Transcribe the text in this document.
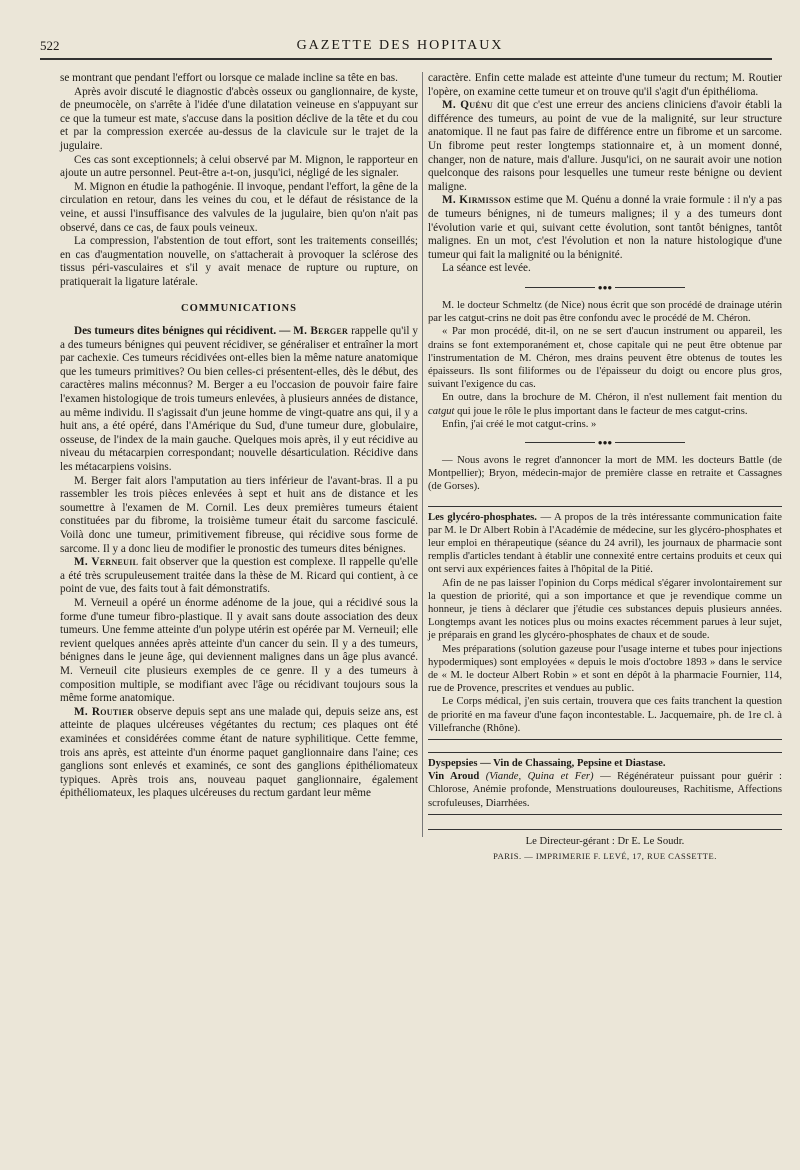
522	GAZETTE DES HOPITAUX

se montrant que pendant l'effort ou lorsque ce malade incline sa tête en bas.

Après avoir discuté le diagnostic d'abcès osseux ou ganglionnaire, de kyste, de pneumocèle, on s'arrête à l'idée d'une dilatation veineuse en s'appuyant sur ce que la tumeur est mate, s'accuse dans la position déclive de la tête et du cou et par la compression exercée au-dessus de la clavicule sur le trajet de la jugulaire.

Ces cas sont exceptionnels; à celui observé par M. Mignon, le rapporteur en ajoute un autre personnel. Peut-être a-t-on, jusqu'ici, négligé de les signaler.

M. Mignon en étudie la pathogénie. Il invoque, pendant l'effort, la gêne de la circulation en retour, dans les veines du cou, et le défaut de résistance de la veine, et aussi l'insuffisance des valvules de la jugulaire, bien qu'on n'ait pas observé, dans ce cas, de faux pouls veineux.

La compression, l'abstention de tout effort, sont les traitements conseillés; en cas d'augmentation nouvelle, on s'attacherait à provoquer la sclérose des tissus péri-vasculaires et s'il y avait menace de rupture ou rupture, on pratiquerait la ligature latérale.

COMMUNICATIONS

Des tumeurs dites bénignes qui récidivent. — M. Berger rappelle qu'il y a des tumeurs bénignes qui peuvent récidiver, se généraliser et entraîner la mort par cachexie. Ces tumeurs récidivées ont-elles bien la même nature anatomique que les tumeurs primitives? Ou bien celles-ci présentent-elles, dès le début, des caractères malins méconnus? M. Berger a eu l'occasion de pouvoir faire faire l'examen histologique de trois tumeurs enlevées, à plusieurs années de distance, au même individu. Il s'agissait d'un jeune homme de vingt-quatre ans qui, il y a huit ans, a été opéré, dans l'Amérique du Sud, d'une tumeur dure, globulaire, osseuse, de l'index de la main gauche. Quelques mois après, il y eut récidive au niveau du métacarpien correspondant; nouvelle désarticulation. Récidive dans les métacarpiens voisins.

M. Berger fait alors l'amputation au tiers inférieur de l'avant-bras. Il a pu rassembler les trois pièces enlevées à sept et huit ans de distance et les soumettre à l'examen de M. Cornil. Les deux premières tumeurs étaient constituées par du fibrome, la troisième tumeur était du sarcome fasciculé. Voilà donc une tumeur, primitivement fibreuse, qui récidive sous forme de sarcome. Il y a donc lieu de modifier le pronostic des tumeurs dites bénignes.

M. Verneuil fait observer que la question est complexe. Il rappelle qu'elle a été très scrupuleusement traitée dans la thèse de M. Ricard qui contient, à ce point de vue, des faits tout à fait démonstratifs.

M. Verneuil a opéré un énorme adénome de la joue, qui a récidivé sous la forme d'une tumeur fibro-plastique. Il y avait sans doute association des deux tumeurs. Une femme atteinte d'un polype utérin est opérée par M. Verneuil; elle revient quelques années après atteinte d'un cancer du sein. Il y a des tumeurs, bénignes dans le jeune âge, qui deviennent malignes dans un âge plus avancé. M. Verneuil cite plusieurs exemples de ce genre. Il y a des tumeurs à composition multiple, se modifiant avec l'âge ou récidivant toujours sous la même forme anatomique.

M. Routier observe depuis sept ans une malade qui, depuis seize ans, est atteinte de plaques ulcéreuses végétantes du rectum; ces plaques ont été examinées et considérées comme étant de nature syphilitique. Cette femme, trois ans après, est atteinte d'un énorme paquet ganglionnaire dans l'aine; ces ganglions sont enlevés et examinés, ce sont des ganglions épithéliomateux typiques. Après trois ans, nouveau paquet ganglionnaire, également épithéliomateux, les plaques ulcéreuses du rectum gardant leur même

caractère. Enfin cette malade est atteinte d'une tumeur du rectum; M. Routier l'opère, on examine cette tumeur et on trouve qu'il s'agit d'un épithélioma.

M. Quénu dit que c'est une erreur des anciens cliniciens d'avoir établi la différence des tumeurs, au point de vue de la malignité, sur leur structure anatomique. Il ne faut pas faire de différence entre un fibrome et un sarcome. Un fibrome peut rester longtemps stationnaire et, à un moment donné, changer, non de nature, mais d'allure. Jusqu'ici, on ne saurait avoir une notion quelconque des raisons pour lesquelles une tumeur reste bénigne ou devient maligne.

M. Kirmisson estime que M. Quénu a donné la vraie formule : il n'y a pas de tumeurs bénignes, ni de tumeurs malignes; il y a des tumeurs dont l'évolution varie et qui, suivant cette évolution, sont tantôt bénignes, tantôt malignes. En un mot, c'est l'évolution et non la nature histologique d'une tumeur qui fait la malignité ou la bénignité.

La séance est levée.

●●●

M. le docteur Schmeltz (de Nice) nous écrit que son procédé de drainage utérin par les catgut-crins ne doit pas être confondu avec le procédé de M. Chéron.

« Par mon procédé, dit-il, on ne se sert d'aucun instrument ou appareil, les drains se font extemporanément et, chose capitale qui ne peut être obtenue par l'instrumentation de M. Chéron, mes drains peuvent être obtenus de toutes les épaisseurs. Ils sont filiformes ou de l'épaisseur du doigt ou encore plus gros, suivant l'exigence du cas.

En outre, dans la brochure de M. Chéron, il n'est nullement fait mention du catgut qui joue le rôle le plus important dans le facteur de mes catgut-crins.

Enfin, j'ai créé le mot catgut-crins. »

●●●

— Nous avons le regret d'annoncer la mort de MM. les docteurs Battle (de Montpellier); Bryon, médecin-major de première classe en retraite et Cassagnes (de Gorses).

Les glycéro-phosphates. — A propos de la très intéressante communication faite par M. le Dr Albert Robin à l'Académie de médecine, sur les glycéro-phosphates et leur emploi en thérapeutique (séance du 24 avril), les journaux de pharmacie sont remplis d'articles tendant à établir une connexité entre certains produits et ceux qui ont servi aux expériences faites à l'hôpital de la Pitié.

Afin de ne pas laisser l'opinion du Corps médical s'égarer involontairement sur la question de priorité, qui a son importance et que je revendique comme un honneur, je tiens à déclarer que j'étudie ces substances depuis plusieurs années. Longtemps avant les notices plus ou moins exactes récemment parues à leur sujet, je préparais en grand les glycéro-phosphates de chaux et de soude.

Mes préparations (solution gazeuse pour l'usage interne et tubes pour injections hypodermiques) sont employées « depuis le mois d'octobre 1893 » dans le service de « M. le docteur Albert Robin » et sont en dépôt à la pharmacie Fournier, 114, rue de Provence, prescrites et vendues au public.

Le Corps médical, j'en suis certain, trouvera que ces faits tranchent la question de priorité en ma faveur d'une façon incontestable. L. Jacquemaire, ph. de 1re cl. à Villefranche (Rhône).

Dyspepsies — Vin de Chassaing, Pepsine et Diastase.

Vin Aroud (Viande, Quina et Fer) — Régénérateur puissant pour guérir : Chlorose, Anémie profonde, Menstruations douloureuses, Rachitisme, Affections scrofuleuses, Diarrhées.

Le Directeur-gérant : Dr E. Le Soudr.
PARIS. — IMPRIMERIE F. LEVÉ, 17, RUE CASSETTE.
